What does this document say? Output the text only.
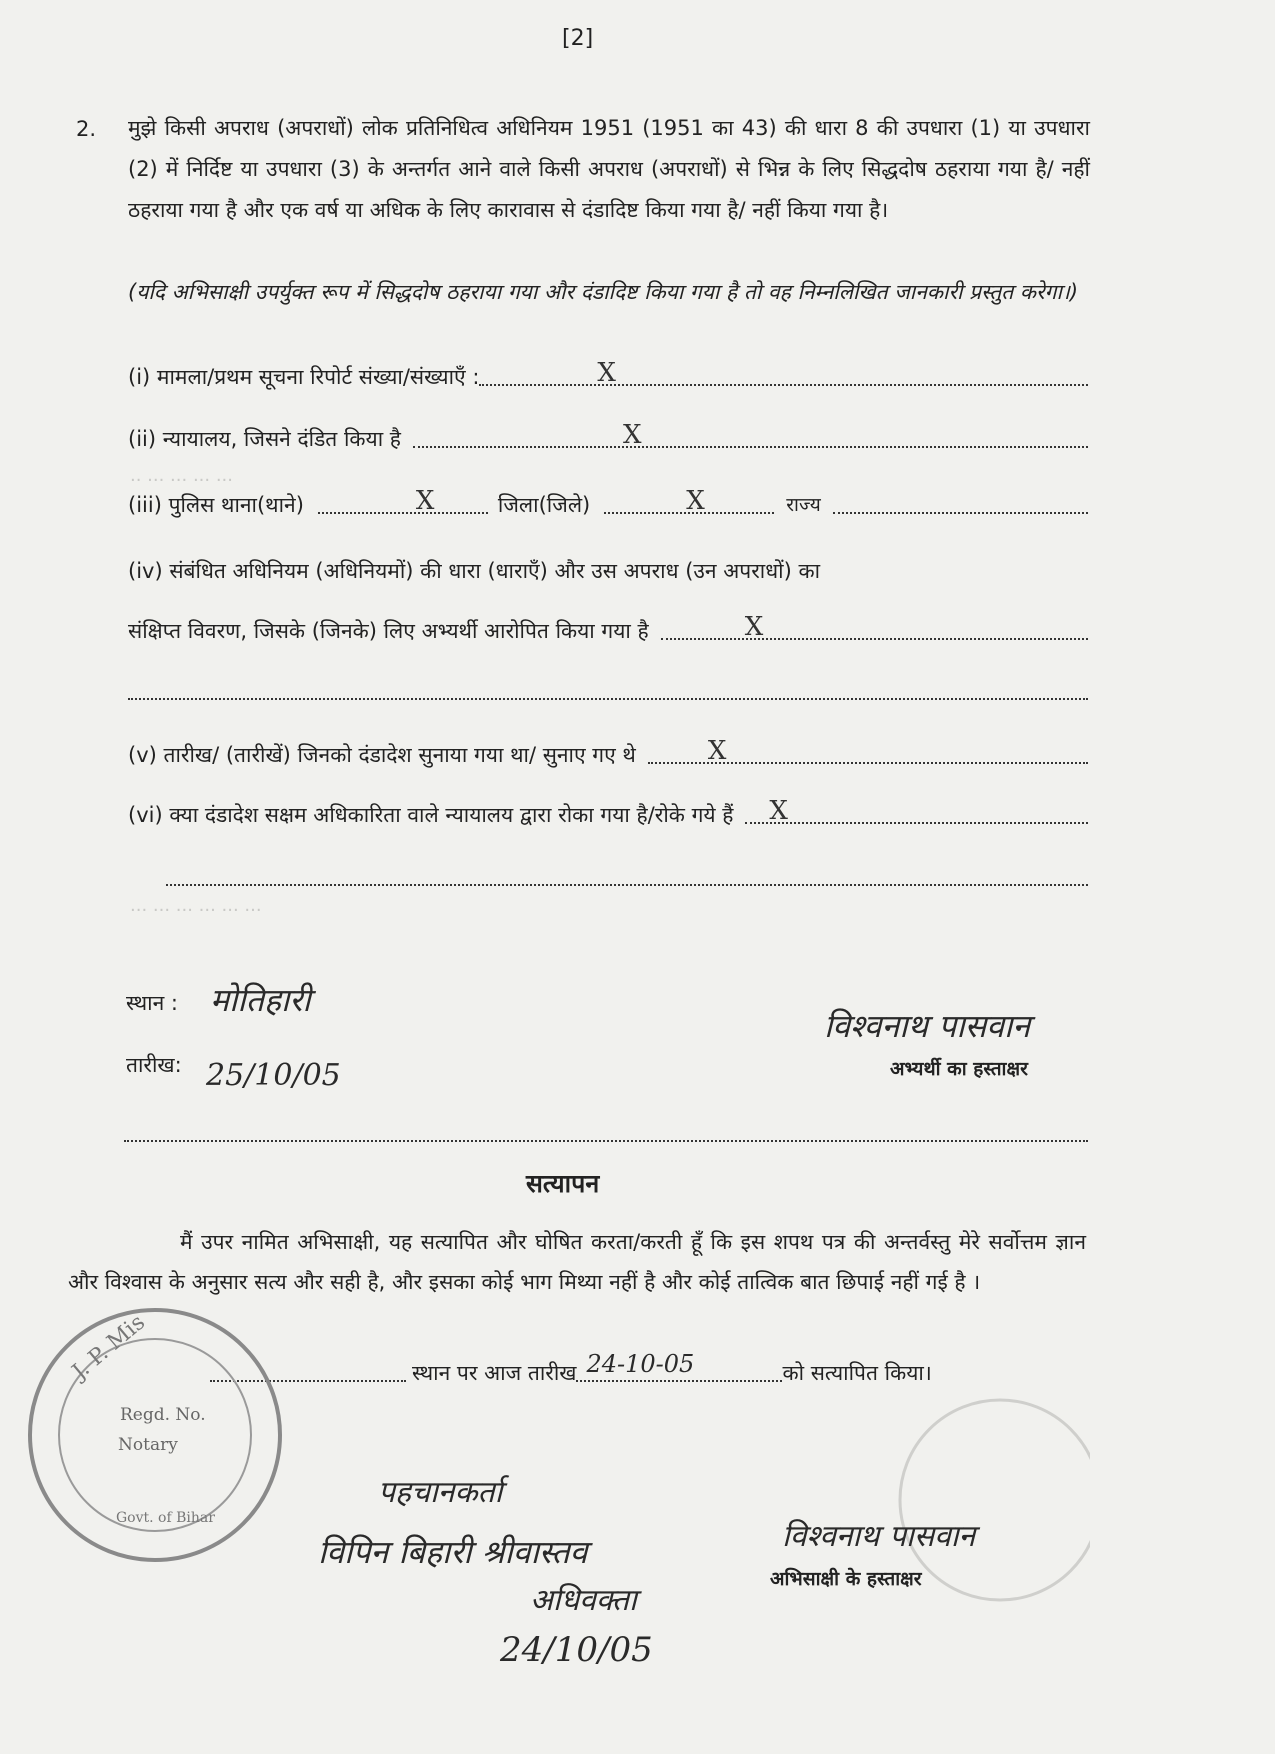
·· ··· ··· ··· ···
··· ··· ··· ··· ··· ···
[2]
2. मुझे किसी अपराध (अपराधों) लोक प्रतिनिधित्व अधिनियम 1951 (1951 का 43) की धारा 8 की उपधारा (1) या उपधारा (2) में निर्दिष्ट या उपधारा (3) के अन्तर्गत आने वाले किसी अपराध (अपराधों) से भिन्न के लिए सिद्धदोष ठहराया गया है/ नहीं ठहराया गया है और एक वर्ष या अधिक के लिए कारावास से दंडादिष्ट किया गया है/ नहीं किया गया है।
(यदि अभिसाक्षी उपर्युक्त रूप में सिद्धदोष ठहराया गया और दंडादिष्ट किया गया है तो वह निम्नलिखित जानकारी प्रस्तुत करेगा।)
(i) मामला/प्रथम सूचना रिपोर्ट संख्या/संख्याएँ :	X
(ii) न्यायालय, जिसने दंडित किया है	X
(iii) पुलिस थाना(थाने)	X	जिला(जिले)	X	राज्य
(iv) संबंधित अधिनियम (अधिनियमों) की धारा (धाराएँ) और उस अपराध (उन अपराधों) का
संक्षिप्त विवरण, जिसके (जिनके) लिए अभ्यर्थी आरोपित किया गया है	X
(v) तारीख/ (तारीखें) जिनको दंडादेश सुनाया गया था/ सुनाए गए थे	X
(vi) क्या दंडादेश सक्षम अधिकारिता वाले न्यायालय द्वारा रोका गया है/रोके गये हैं X
स्थान : मोतिहारी
तारीख: 25/10/05
विश्वनाथ पासवान
अभ्यर्थी का हस्ताक्षर
सत्यापन
मैं उपर नामित अभिसाक्षी, यह सत्यापित और घोषित करता/करती हूँ कि इस शपथ पत्र की अन्तर्वस्तु मेरे सर्वोत्तम ज्ञान और विश्वास के अनुसार सत्य और सही है, और इसका कोई भाग मिथ्या नहीं है और कोई तात्विक बात छिपाई नहीं गई है ।
स्थान पर आज तारीख 24-10-05	को सत्यापित किया।
J. P. Mis
Regd. No.
Notary
Govt. of Bihar
पहचानकर्ता
विपिन बिहारी श्रीवास्तव
अधिवक्ता
24/10/05
विश्वनाथ पासवान
अभिसाक्षी के हस्ताक्षर
